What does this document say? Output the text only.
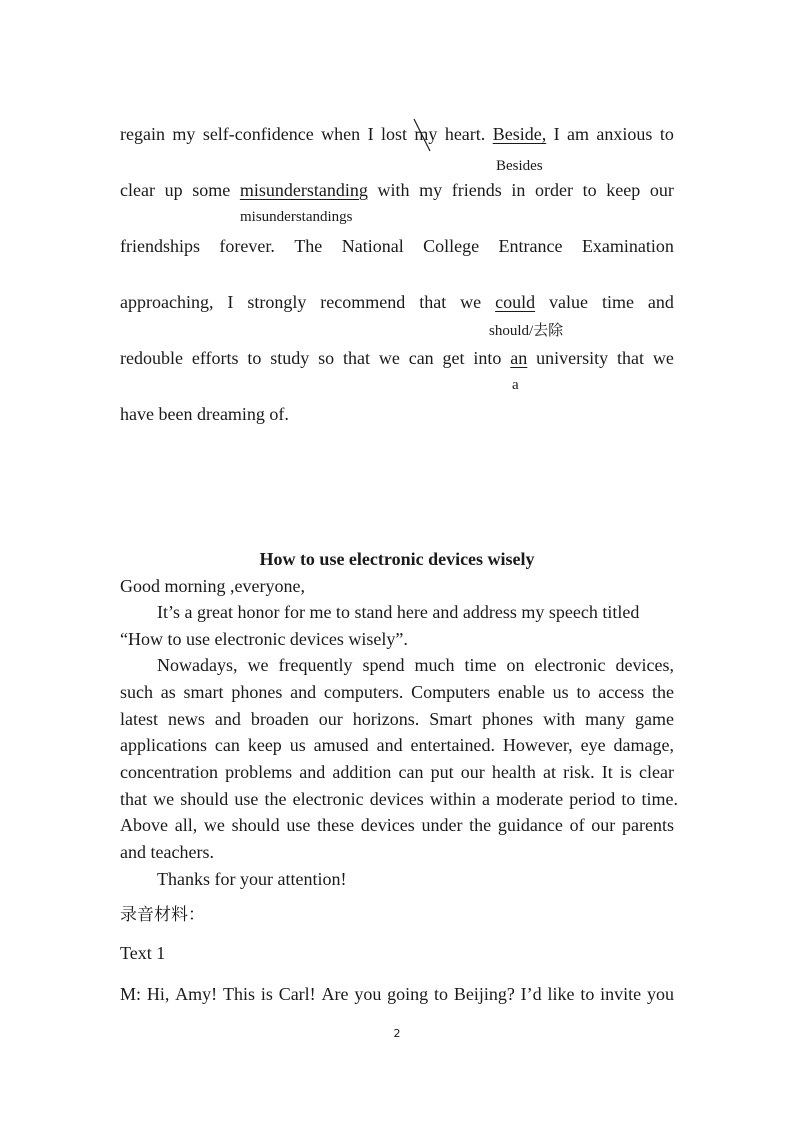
regain my self-confidence when I lost my heart. Beside, I am anxious to
Besides
clear up some misunderstanding with my friends in order to keep our
misunderstandings
friendships forever. The National College Entrance Examination
approaching, I strongly recommend that we could value time and
should/去除
redouble efforts to study so that we can get into an university that we
a
have been dreaming of.
How to use electronic devices wisely
Good morning ,everyone,
It’s a great honor for me to stand here and address my speech titled
“How to use electronic devices wisely”.
Nowadays, we frequently spend much time on electronic devices,
such as smart phones and computers. Computers enable us to access the
latest news and broaden our horizons. Smart phones with many game
applications can keep us amused and entertained. However, eye damage,
concentration problems and addition can put our health at risk. It is clear
that we should use the electronic devices within a moderate period to time.
Above all, we should use these devices under the guidance of our parents
and teachers.
Thanks for your attention!
录音材料：
Text 1
M: Hi, Amy! This is Carl! Are you going to Beijing? I’d like to invite you
2
